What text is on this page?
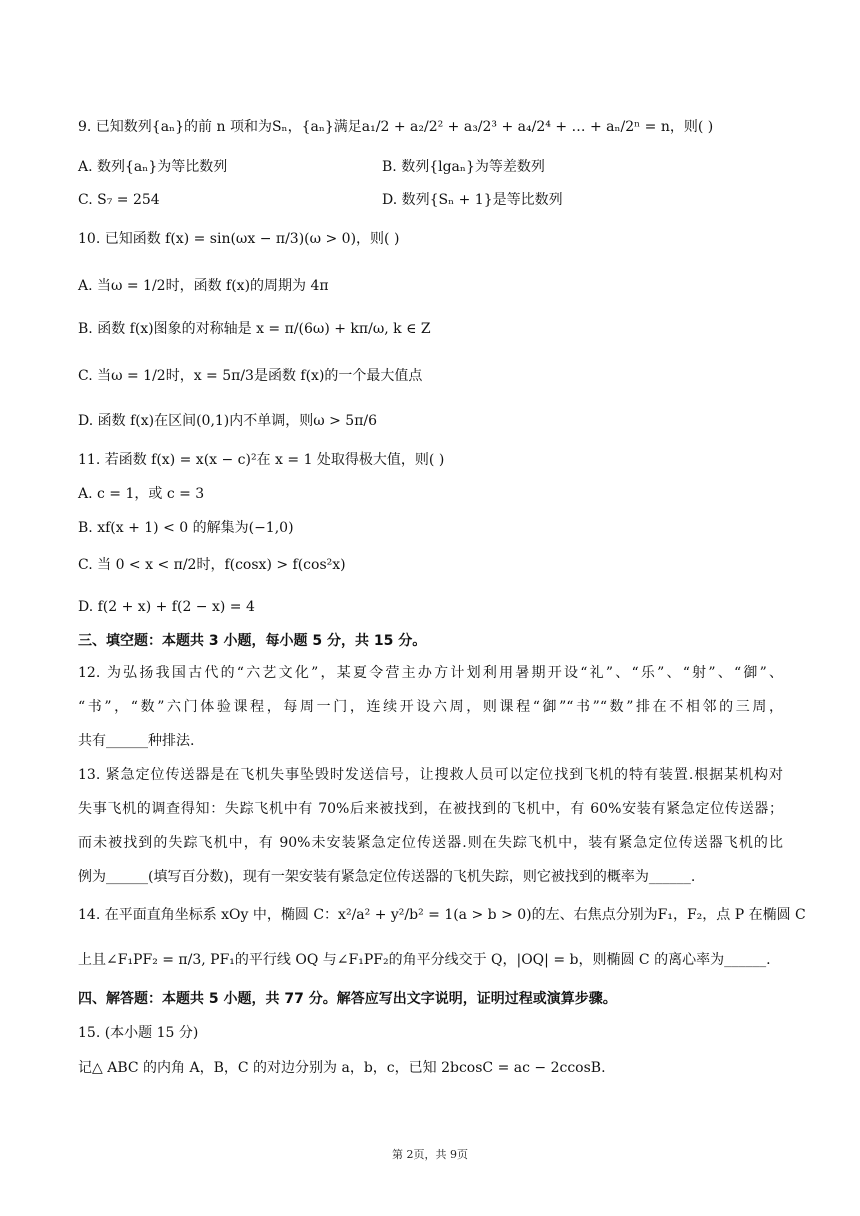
9. 已知数列{aₙ}的前 n 项和为Sₙ，{aₙ}满足a₁/2 + a₂/2² + a₃/2³ + a₄/2⁴ + … + aₙ/2ⁿ = n，则( )
A. 数列{aₙ}为等比数列	B. 数列{lgaₙ}为等差数列
C. S₇ = 254	D. 数列{Sₙ + 1}是等比数列
10. 已知函数 f(x) = sin(ωx − π/3)(ω > 0)，则( )
A. 当ω = 1/2时，函数 f(x)的周期为 4π
B. 函数 f(x)图象的对称轴是 x = π/(6ω) + kπ/ω, k ∈ Z
C. 当ω = 1/2时，x = 5π/3是函数 f(x)的一个最大值点
D. 函数 f(x)在区间(0,1)内不单调，则ω > 5π/6
11. 若函数 f(x) = x(x − c)²在 x = 1 处取得极大值，则( )
A. c = 1，或 c = 3
B. xf(x + 1) < 0 的解集为(−1,0)
C. 当 0 < x < π/2时，f(cosx) > f(cos²x)
D. f(2 + x) + f(2 − x) = 4
三、填空题：本题共 3 小题，每小题 5 分，共 15 分。
12. 为弘扬我国古代的“六艺文化”，某夏令营主办方计划利用暑期开设“礼”、“乐”、“射”、“御”、
“书”，“数”六门体验课程，每周一门，连续开设六周，则课程“御”“书”“数”排在不相邻的三周，
共有______种排法.
13. 紧急定位传送器是在飞机失事坠毁时发送信号，让搜救人员可以定位找到飞机的特有装置.根据某机构对
失事飞机的调查得知：失踪飞机中有 70%后来被找到，在被找到的飞机中，有 60%安装有紧急定位传送器；
而未被找到的失踪飞机中，有 90%未安装紧急定位传送器.则在失踪飞机中，装有紧急定位传送器飞机的比
例为______(填写百分数)，现有一架安装有紧急定位传送器的飞机失踪，则它被找到的概率为______.
14. 在平面直角坐标系 xOy 中，椭圆 C：x²/a² + y²/b² = 1(a > b > 0)的左、右焦点分别为F₁，F₂，点 P 在椭圆 C
上且∠F₁PF₂ = π/3, PF₁的平行线 OQ 与∠F₁PF₂的角平分线交于 Q，|OQ| = b，则椭圆 C 的离心率为______.
四、解答题：本题共 5 小题，共 77 分。解答应写出文字说明，证明过程或演算步骤。
15. (本小题 15 分)
记△ ABC 的内角 A，B，C 的对边分别为 a，b，c，已知 2bcosC = ac − 2ccosB.
第 2页，共 9页
